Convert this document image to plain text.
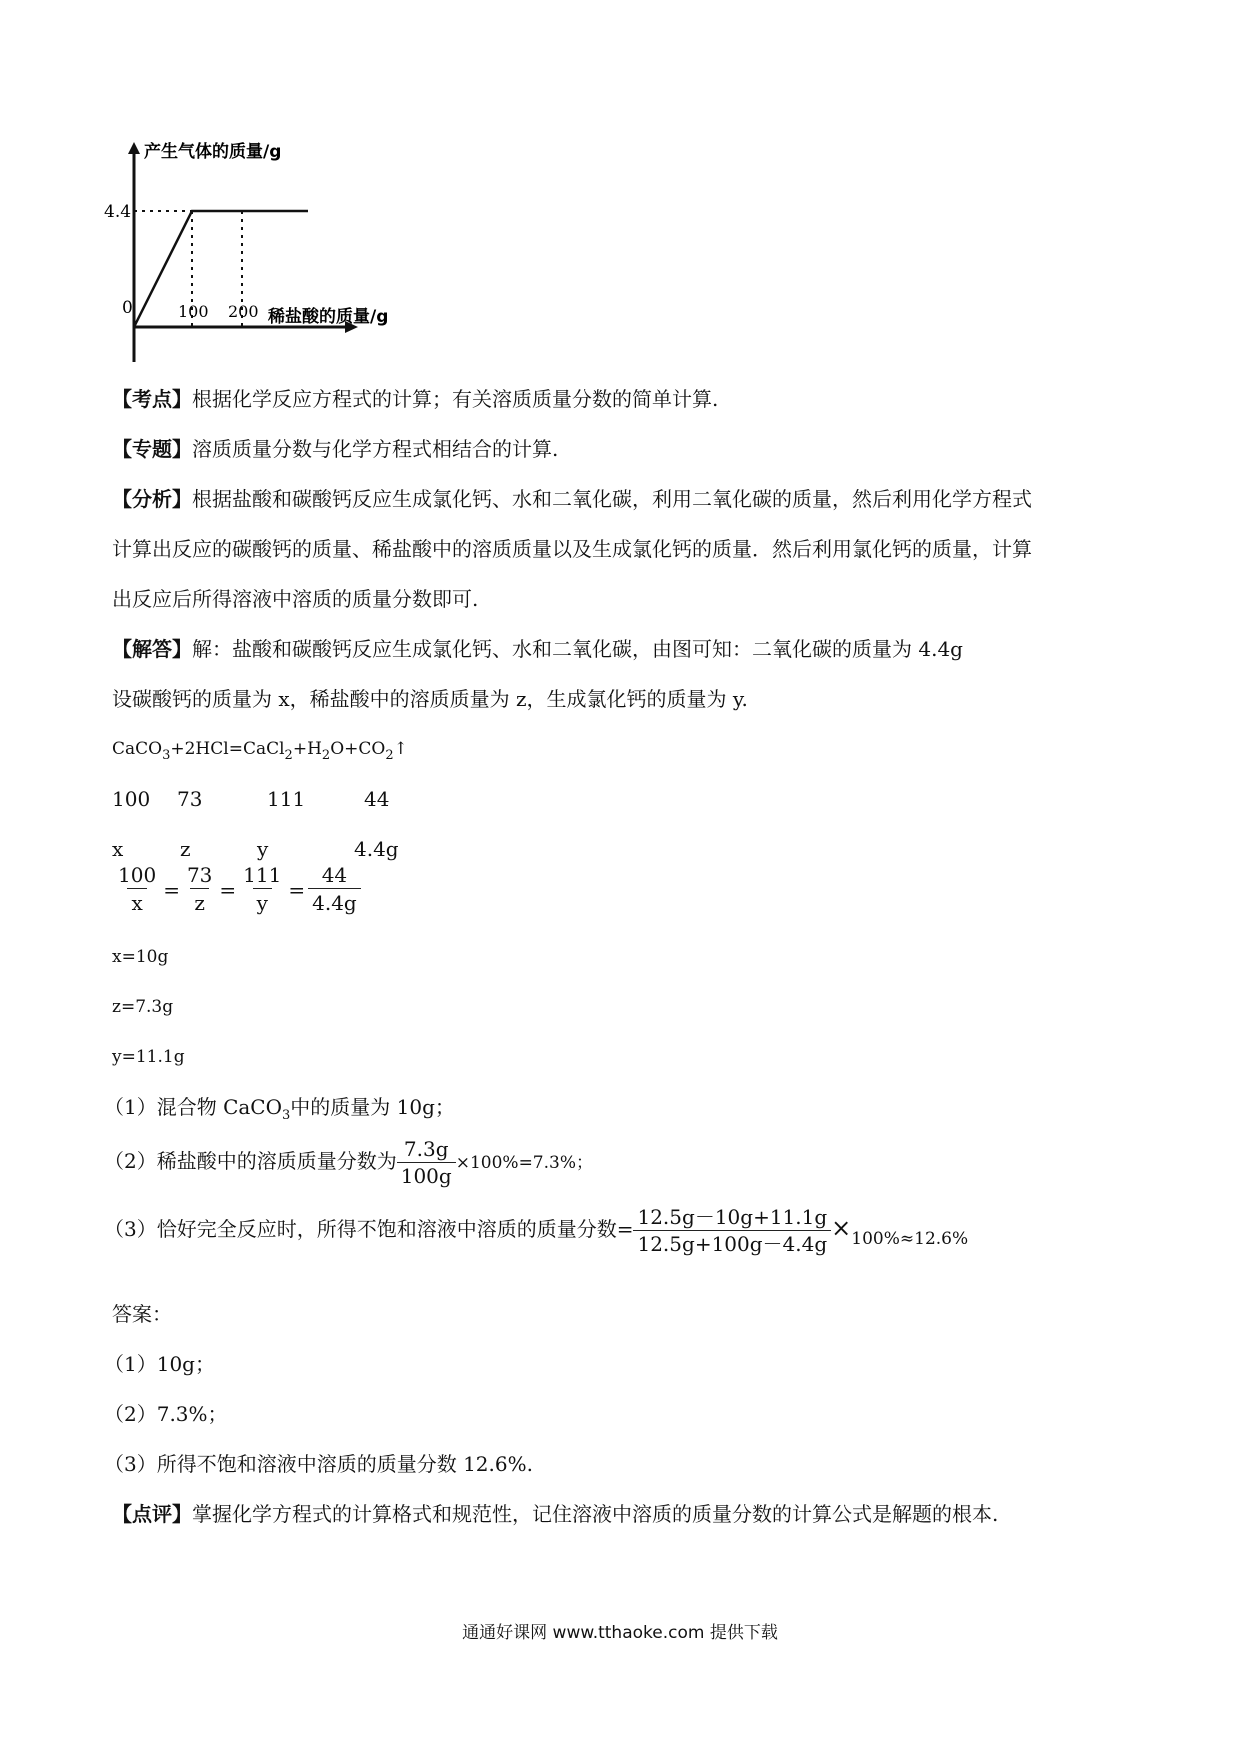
产生气体的质量/g
4.4
0	100 200 稀盐酸的质量/g
【考点】根据化学反应方程式的计算；有关溶质质量分数的简单计算.
【专题】溶质质量分数与化学方程式相结合的计算.
【分析】根据盐酸和碳酸钙反应生成氯化钙、水和二氧化碳，利用二氧化碳的质量，然后利用化学方程式
计算出反应的碳酸钙的质量、稀盐酸中的溶质质量以及生成氯化钙的质量．然后利用氯化钙的质量，计算
出反应后所得溶液中溶质的质量分数即可.
【解答】解：盐酸和碳酸钙反应生成氯化钙、水和二氧化碳，由图可知：二氧化碳的质量为 4.4g
设碳酸钙的质量为 x，稀盐酸中的溶质质量为 z，生成氯化钙的质量为 y.
$CaCO_3+2HCl=CaCl_2+H_2O+CO_2↑$
100 73	111	44
x	z	y	4.4g
$\frac{100}{x} = \frac{73}{z} = \frac{111}{y} = \frac{44}{4.4g}$
x=10g
z=7.3g
y=11.1g
（1）混合物 CaCO$_3$中的质量为 10g；
（2）稀盐酸中的溶质质量分数为 $\frac{7.3g}{100g} \times 100\%=7.3\%$；
（3）恰好完全反应时，所得不饱和溶液中溶质的质量分数= $\frac{12.5g-10g+11.1g}{12.5g+100g-4.4g} \times_{100\%\approx 12.6\%}$
答案：
（1）10g；
（2）7.3%；
（3）所得不饱和溶液中溶质的质量分数 12.6%.
【点评】掌握化学方程式的计算格式和规范性，记住溶液中溶质的质量分数的计算公式是解题的根本.
通通好课网 www.tthaoke.com 提供下载
